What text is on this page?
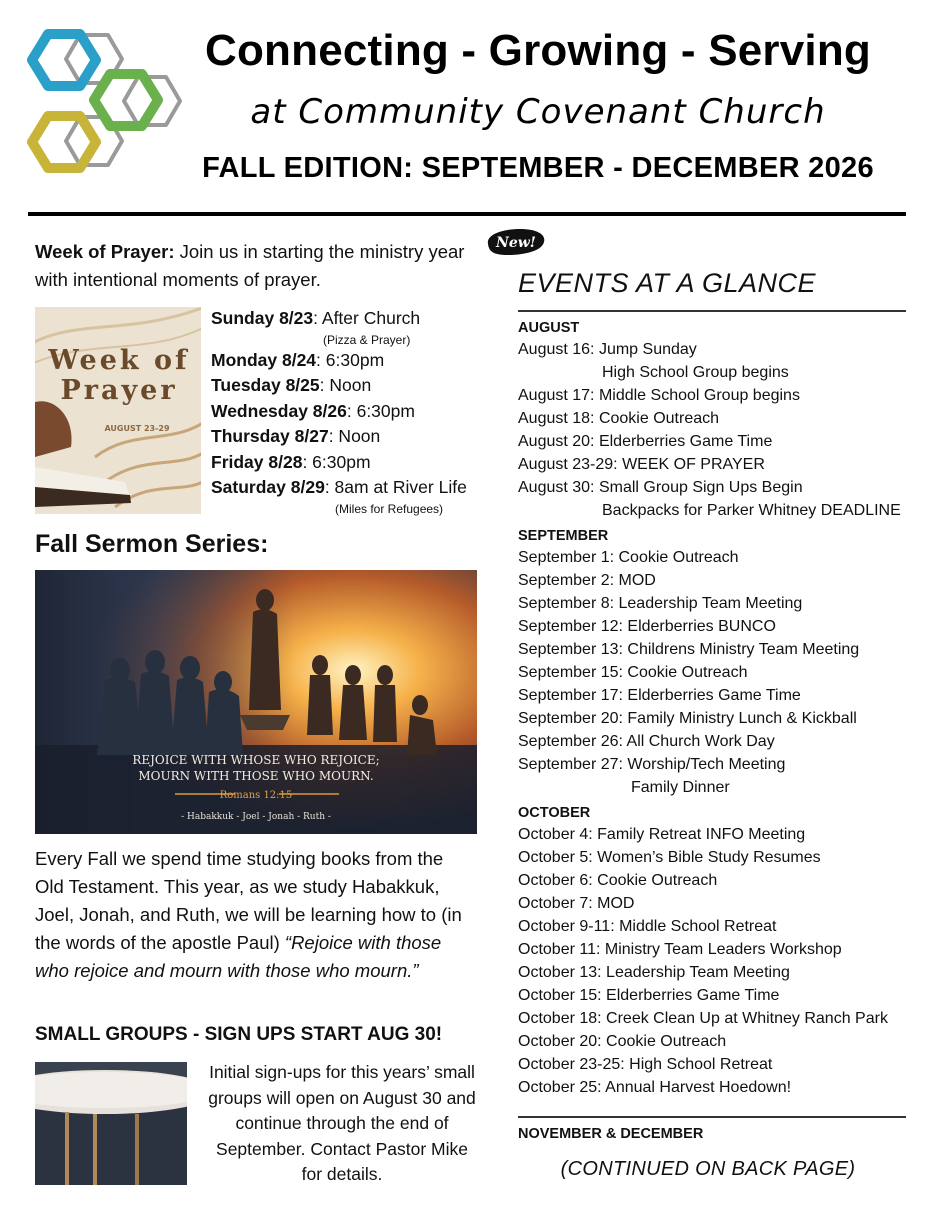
Connecting - Growing - Serving
at Community Covenant Church
FALL EDITION: SEPTEMBER - DECEMBER 2026
Week of Prayer: Join us in starting the ministry year with intentional moments of prayer.
Week of
Prayer
AUGUST 23-29
Sunday 8/23: After Church
(Pizza & Prayer)
Monday 8/24: 6:30pm
Tuesday 8/25: Noon
Wednesday 8/26: 6:30pm
Thursday 8/27: Noon
Friday 8/28: 6:30pm
Saturday 8/29: 8am at River Life
(Miles for Refugees)
Fall Sermon Series:
REJOICE WITH WHOSE WHO REJOICE;
MOURN WITH THOSE WHO MOURN.
Romans 12:15
- Habakkuk - Joel - Jonah - Ruth -
Every Fall we spend time studying books from the Old Testament. This year, as we study Habakkuk, Joel, Jonah, and Ruth, we will be learning how to (in the words of the apostle Paul) “Rejoice with those who rejoice and mourn with those who mourn.”
SMALL GROUPS - SIGN UPS START AUG 30!
Initial sign-ups for this years’ small groups will open on August 30 and continue through the end of September. Contact Pastor Mike for details.
New!
EVENTS AT A GLANCE
AUGUST
August 16: Jump Sunday
High School Group begins
August 17: Middle School Group begins
August 18: Cookie Outreach
August 20: Elderberries Game Time
August 23-29: WEEK OF PRAYER
August 30: Small Group Sign Ups Begin
Backpacks for Parker Whitney DEADLINE
SEPTEMBER
September 1: Cookie Outreach
September 2: MOD
September 8: Leadership Team Meeting
September 12: Elderberries BUNCO
September 13: Childrens Ministry Team Meeting
September 15: Cookie Outreach
September 17: Elderberries Game Time
September 20: Family Ministry Lunch & Kickball
September 26: All Church Work Day
September 27: Worship/Tech Meeting
Family Dinner
OCTOBER
October 4: Family Retreat INFO Meeting
October 5: Women’s Bible Study Resumes
October 6: Cookie Outreach
October 7: MOD
October 9-11: Middle School Retreat
October 11: Ministry Team Leaders Workshop
October 13: Leadership Team Meeting
October 15: Elderberries Game Time
October 18: Creek Clean Up at Whitney Ranch Park
October 20: Cookie Outreach
October 23-25: High School Retreat
October 25: Annual Harvest Hoedown!
NOVEMBER & DECEMBER
(CONTINUED ON BACK PAGE)
